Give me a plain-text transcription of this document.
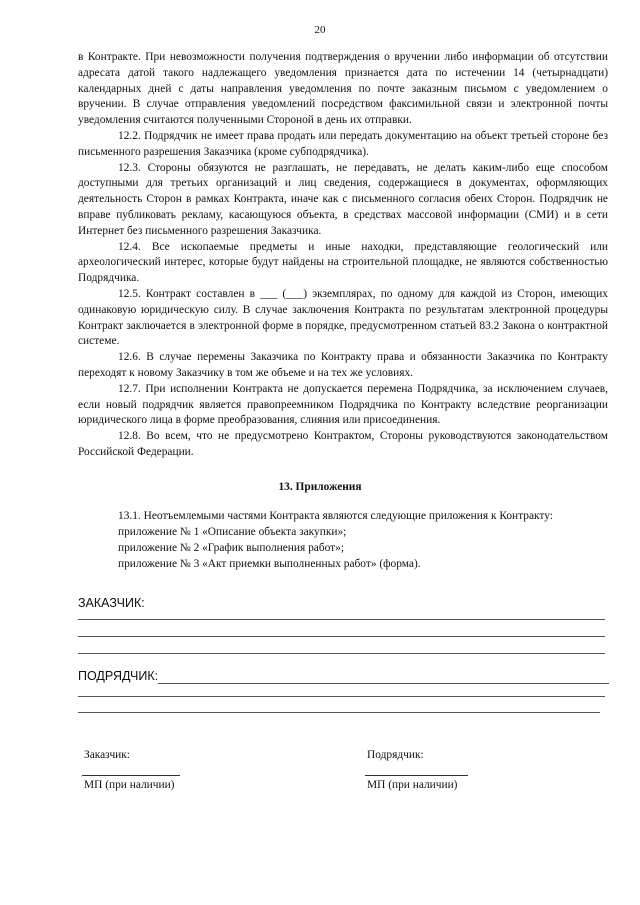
20

в Контракте. При невозможности получения подтверждения о вручении либо информации об отсутствии адресата датой такого надлежащего уведомления признается дата по истечении 14 (четырнадцати) календарных дней с даты направления уведомления по почте заказным письмом с уведомлением о вручении. В случае отправления уведомлений посредством факсимильной связи и электронной почты уведомления считаются полученными Стороной в день их отправки.

12.2. Подрядчик не имеет права продать или передать документацию на объект третьей стороне без письменного разрешения Заказчика (кроме субподрядчика).

12.3. Стороны обязуются не разглашать, не передавать, не делать каким-либо еще способом доступными для третьих организаций и лиц сведения, содержащиеся в документах, оформляющих деятельность Сторон в рамках Контракта, иначе как с письменного согласия обеих Сторон. Подрядчик не вправе публиковать рекламу, касающуюся объекта, в средствах массовой информации (СМИ) и в сети Интернет без письменного разрешения Заказчика.

12.4. Все ископаемые предметы и иные находки, представляющие геологический или археологический интерес, которые будут найдены на строительной площадке, не являются собственностью Подрядчика.

12.5. Контракт составлен в ___ (___) экземплярах, по одному для каждой из Сторон, имеющих одинаковую юридическую силу. В случае заключения Контракта по результатам электронной процедуры Контракт заключается в электронной форме в порядке, предусмотренном статьей 83.2 Закона о контрактной системе.

12.6. В случае перемены Заказчика по Контракту права и обязанности Заказчика по Контракту переходят к новому Заказчику в том же объеме и на тех же условиях.

12.7. При исполнении Контракта не допускается перемена Подрядчика, за исключением случаев, если новый подрядчик является правопреемником Подрядчика по Контракту вследствие реорганизации юридического лица в форме преобразования, слияния или присоединения.

12.8. Во всем, что не предусмотрено Контрактом, Стороны руководствуются законодательством Российской Федерации.

13. Приложения

13.1. Неотъемлемыми частями Контракта являются следующие приложения к Контракту:

приложение № 1 «Описание объекта закупки»;

приложение № 2 «График выполнения работ»;

приложение № 3 «Акт приемки выполненных работ» (форма).

ЗАКАЗЧИК:
ПОДРЯДЧИК:
Заказчик:
МП (при наличии)
Подрядчик:
МП (при наличии)
